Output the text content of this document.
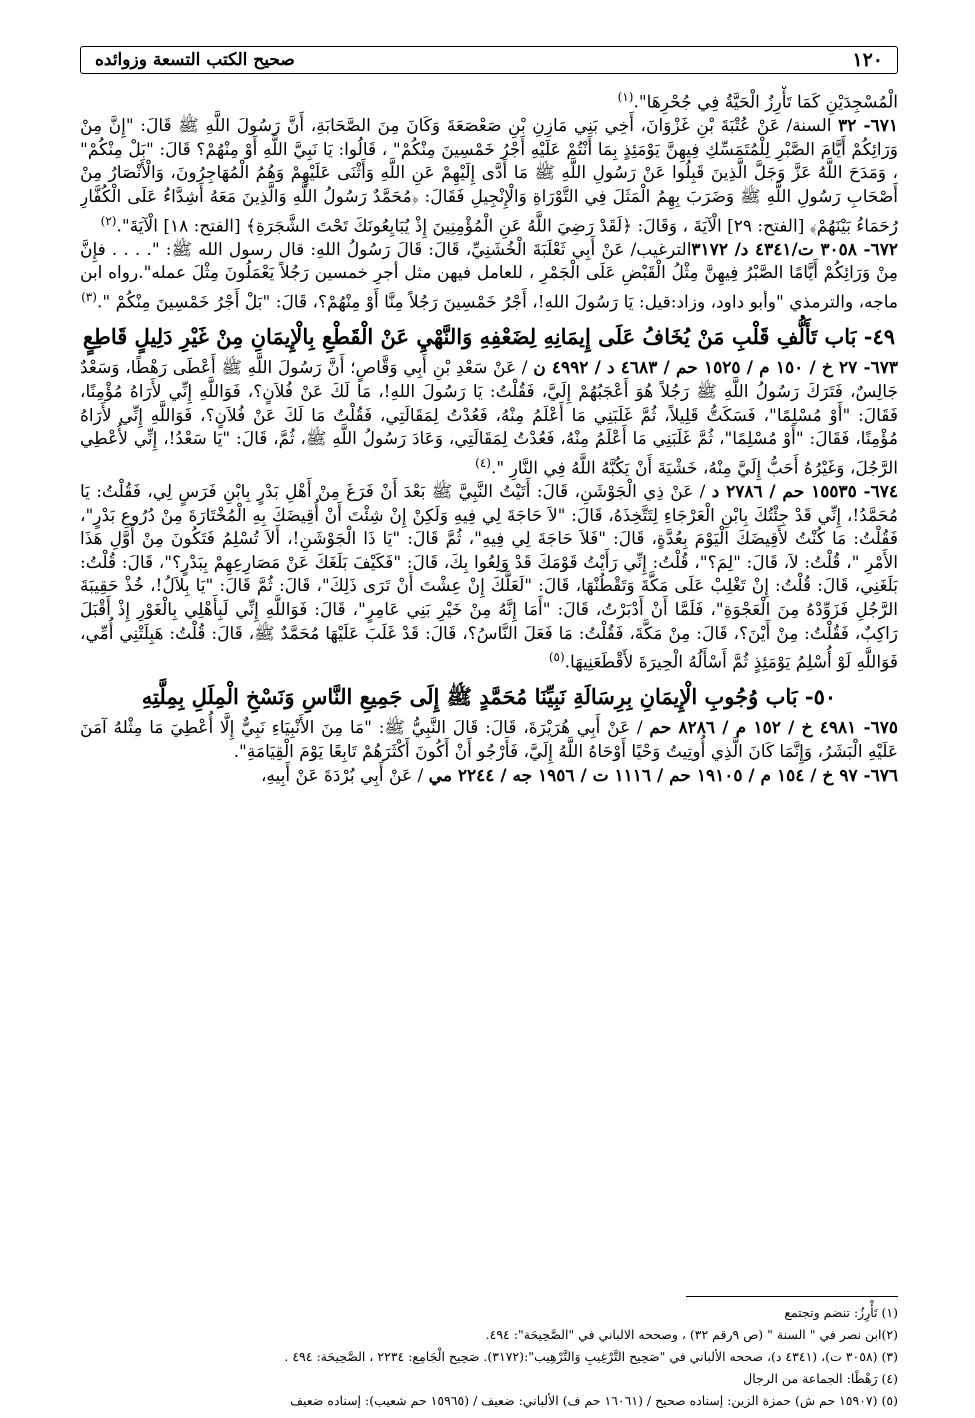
١٢٠
صحيح الكتب التسعة وزوائده

الْمُسْجِدَيْنِ كَمَا تَأْرِزُ الْحَيَّةُ فِي جُحْرِهَا".$^{(١)}$

٦٧١- ٣٢ السنة/ عَنْ عُتْبَةَ بْنِ غَزْوَانَ، أَخِي بَنِي مَازِنِ بْنِ صَعْصَعَةَ وَكَانَ مِنَ الصَّحَابَةِ، أَنَّ رَسُولَ اللَّهِ ﷺ قَالَ: "إِنَّ مِنْ وَرَائِكُمْ أَيَّامَ الصَّبْرِ لِلْمُتَمَسِّكِ فِيهِنَّ يَوْمَئِذٍ بِمَا أَنْتُمْ عَلَيْهِ أَجْرُ خَمْسِينَ مِنْكُمْ" ، قَالُوا: يَا نَبِيَّ اللَّهِ أَوْ مِنْهُمْ؟ قَالَ: "بَلْ مِنْكُمْ" ، وَمَدَحَ اللَّهُ عَزَّ وَجَلَّ الَّذِينَ قَبِلُوا عَنْ رَسُولِ اللَّهِ ﷺ مَا أَدَّى إِلَيْهِمْ عَنِ اللَّهِ وَأَثْنَى عَلَيْهِمْ وَهُمُ الْمُهَاجِرُونَ، وَالْأَنْصَارُ مِنْ أَصْحَابِ رَسُولِ اللَّهِ ﷺ وَضَرَبَ بِهِمُ الْمَثَلَ فِي التَّوْرَاةِ وَالْإِنْجِيلِ فَقَالَ: ﴿مُحَمَّدٌ رَسُولُ اللَّهِ وَالَّذِينَ مَعَهُ أَشِدَّاءُ عَلَى الْكُفَّارِ رُحَمَاءُ بَيْنَهُمْ﴾ [الفتح: ٢٩] الْآيَةَ ، وَقَالَ: ﴿لَقَدْ رَضِيَ اللَّهُ عَنِ الْمُؤْمِنِينَ إِذْ يُبَايِعُونَكَ تَحْتَ الشَّجَرَةِ﴾ [الفتح: ١٨] الْآيَةَ".$^{(٢)}$

٦٧٢- ٣٠٥٨ ت/٤٣٤١ د/ ٣١٧٢الترغيب/ عَنْ أَبِي ثَعْلَبَةَ الْخُشَنِيِّ، قَالَ: قَالَ رَسُولُ اللهِ: قال رسول الله ﷺ: ". . . . فإِنَّ مِنْ وَرَائِكُمْ أَيَّامًا الصَّبْرُ فِيهِنَّ مِثْلُ الْقَبْضِ عَلَى الْجَمْرِ ، للعامل فيهن مثل أجرِ خمسين رَجُلاً يَعْمَلُونَ مِثْلَ عمله".رواه ابن ماجه، والترمذي "وأبو داود، وزاد:قيل: يَا رَسُولَ اللهِ!، أَجْرُ خَمْسِينَ رَجُلاً مِنَّا أَوْ مِنْهُمْ؟، قَالَ: "بَلْ أَجْرُ خَمْسِينَ مِنْكُمْ ".$^{(٣)}$

٤٩- بَاب تَأَلُّفِ قَلْبِ مَنْ يُخَافُ عَلَى إِيمَانِهِ لِضَعْفِهِ وَالنَّهْيِ عَنْ الْقَطْعِ بِالْإِيمَانِ مِنْ غَيْرِ دَلِيلٍ قَاطِعٍ

٦٧٣- ٢٧ خ / ١٥٠ م / ١٥٢٥ حم / ٤٦٨٣ د / ٤٩٩٢ ن / عَنْ سَعْدِ بْنِ أَبِي وَقَّاصٍ؛ أَنَّ رَسُولَ اللَّهِ ﷺ أَعْطَى رَهْطًا، وَسَعْدٌ جَالِسٌ، فَتَرَكَ رَسُولُ اللَّهِ ﷺ رَجُلاً هُوَ أَعْجَبُهُمْ إِلَيَّ، فَقُلْتُ: يَا رَسُولَ اللهِ!، مَا لَكَ عَنْ فُلاَنٍ؟، فَوَاللَّهِ إِنِّي لأَرَاهُ مُؤْمِنًا، فَقَالَ: "أَوْ مُسْلِمًا"، فَسَكَتُّ قَلِيلاً، ثُمَّ غَلَبَنِي مَا أَعْلَمُ مِنْهُ، فَعُدْتُ لِمَقَالَتِي، فَقُلْتُ مَا لَكَ عَنْ فُلاَنٍ؟، فَوَاللَّهِ إِنِّي لأَرَاهُ مُؤْمِنًا، فَقَالَ: "أَوْ مُسْلِمًا"، ثُمَّ غَلَبَنِي مَا أَعْلَمُ مِنْهُ، فَعُدْتُ لِمَقَالَتِي، وَعَادَ رَسُولُ اللَّهِ ﷺ، ثُمَّ، قَالَ: "يَا سَعْدُ!، إِنِّي لأُعْطِي الرَّجُلَ، وَغَيْرُهُ أَحَبُّ إِلَيَّ مِنْهُ، خَشْيَةَ أَنْ يَكُبَّهُ اللَّهُ فِي النَّارِ ".$^{(٤)}$

٦٧٤- ١٥٥٣٥ حم / ٢٧٨٦ د / عَنْ ذِي الْجَوْشَنِ، قَالَ: أَتَيْتُ النَّبِيَّ ﷺ بَعْدَ أَنْ فَرَغَ مِنْ أَهْلِ بَدْرٍ بِابْنِ فَرَسٍ لِي، فَقُلْتُ: يَا مُحَمَّدُ!، إِنِّي قَدْ جِئْتُكَ بِابْنِ الْعَرْجَاءِ لِتَتَّخِذَهُ، قَالَ: "لاَ حَاجَةَ لِي فِيهِ وَلَكِنْ إِنْ شِئْتَ أَنْ أُقِيضَكَ بِهِ الْمُخْتَارَةَ مِنْ دُرُوعِ بَدْرٍ"، فَقُلْتُ: مَا كُنْتُ لأَقِيضَكَ الْيَوْمَ بِعُدَّةٍ، قَالَ: "فَلاَ حَاجَةَ لِي فِيهِ"، ثُمَّ قَالَ: "يَا ذَا الْجَوْشَنِ!، أَلاَ تُسْلِمُ فَتَكُونَ مِنْ أَوَّلِ هَذَا الأَمْرِ "، قُلْتُ: لاَ، قَالَ: "لِمَ؟"، قُلْتُ: إِنِّي رَأَيْتُ قَوْمَكَ قَدْ وَلِعُوا بِكَ، قَالَ: "فَكَيْفَ بَلَغَكَ عَنْ مَصَارِعِهِمْ بِبَدْرٍ؟"، قَالَ: قُلْتُ: بَلَغَنِي، قَالَ: قُلْتُ: إِنْ تَغْلِبْ عَلَى مَكَّةَ وَتَقْطُنْهَا، قَالَ: "لَعَلَّكَ إِنْ عِشْتَ أَنْ تَرَى ذَلِكَ"، قَالَ: ثُمَّ قَالَ: "يَا بِلاَلُ!، خُذْ حَقِيبَةَ الرَّجُلِ فَزَوِّدْهُ مِنَ الْعَجْوَةِ"، فَلَمَّا أَنْ أَدْبَرْتُ، قَالَ: "أَمَا إِنَّهُ مِنْ خَيْرِ بَنِي عَامِرٍ"، قَالَ: فَوَاللَّهِ إِنِّي لَبِأَهْلِي بِالْغَوْرِ إِذْ أَقْبَلَ رَاكِبٌ، فَقُلْتُ: مِنْ أَيْنَ؟، قَالَ: مِنْ مَكَّةَ، فَقُلْتُ: مَا فَعَلَ النَّاسُ؟، قَالَ: قَدْ غَلَبَ عَلَيْهَا مُحَمَّدٌ ﷺ، قَالَ: قُلْتُ: هَبِلَتْنِي أُمِّي، فَوَاللَّهِ لَوْ أُسْلِمُ يَوْمَئِذٍ ثُمَّ أَسْأَلُهُ الْحِيرَةَ لأَقْطَعَنِيهَا.$^{(٥)}$

٥٠- بَاب وُجُوبِ الْإِيمَانِ بِرِسَالَةِ نَبِيِّنَا مُحَمَّدٍ ﷺ إِلَى جَمِيعِ النَّاسِ وَنَسْخِ الْمِلَلِ بِمِلَّتِهِ

٦٧٥- ٤٩٨١ خ / ١٥٢ م / ٨٢٨٦ حم / عَنْ أَبِي هُرَيْرَةَ، قَالَ: قَالَ النَّبِيُّ ﷺ: "مَا مِنَ الأَنْبِيَاءِ نَبِيٌّ إِلَّا أُعْطِيَ مَا مِثْلهُ آمَنَ عَلَيْهِ الْبَشَرُ، وَإِنَّمَا كَانَ الَّذِي أُوتِيتُ وَحْيًا أَوْحَاهُ اللَّهُ إِلَيَّ، فَأَرْجُو أَنْ أَكُونَ أَكْثَرَهُمْ تَابِعًا يَوْمَ الْقِيَامَةِ".

٦٧٦- ٩٧ خ / ١٥٤ م / ١٩١٠٥ حم / ١١١٦ ت / ١٩٥٦ جه / ٢٢٤٤ مي / عَنْ أَبِي بُرْدَةَ عَنْ أَبِيهِ،

(١) تَأْرِزُ: تنضم وتجتمع

(٢)ابن نصر في " السنة " (ص ٩رقم ٣٢) ، وصححه الالباني في "الصَّحِيحَة": ٤٩٤.

(٣) (٣٠٥٨ ت)، (٤٣٤١ د)، صححه الألباني في "صَحِيح التَّرْغِيبِ وَالتَّرْهِيب":(٣١٧٢). صَحِيح الْجَامِع: ٢٢٣٤ ، الصَّحِيحَة: ٤٩٤ .

(٤) رَهْطًا: الجماعة من الرجال

(٥) (١٥٩٠٧ حم ش) حمزة الزين: إسناده صحيح / (١٦٠٦١ حم ف) الألباني: ضعيف / (١٥٩٦٥ حم شعيب): إسناده ضعيف
